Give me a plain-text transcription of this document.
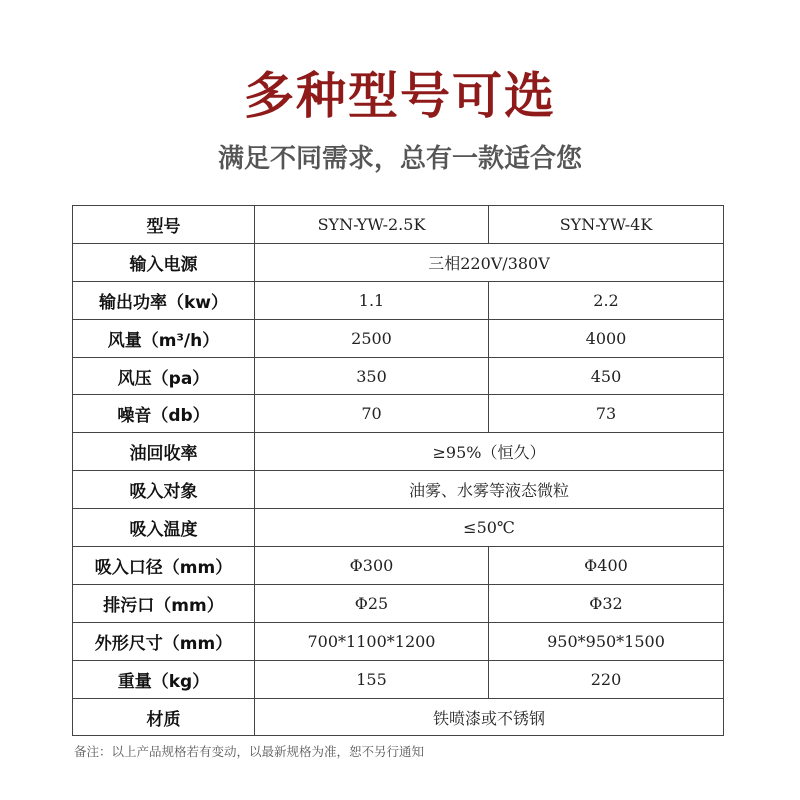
多种型号可选
满足不同需求，总有一款适合您
型号	SYN-YW-2.5K	SYN-YW-4K
输入电源	三相220V/380V	
输出功率（kw）	1.1	2.2
风量（m³/h）	2500	4000
风压（pa）	350	450
噪音（db）	70	73
油回收率	≥95%（恒久）	
吸入对象	油雾、水雾等液态微粒	
吸入温度	≤50℃	
吸入口径（mm）	Φ300	Φ400
排污口（mm）	Φ25	Φ32
外形尺寸（mm）	700*1100*1200	950*950*1500
重量（kg）	155	220
材质	铁喷漆或不锈钢	
备注：以上产品规格若有变动，以最新规格为准，恕不另行通知
